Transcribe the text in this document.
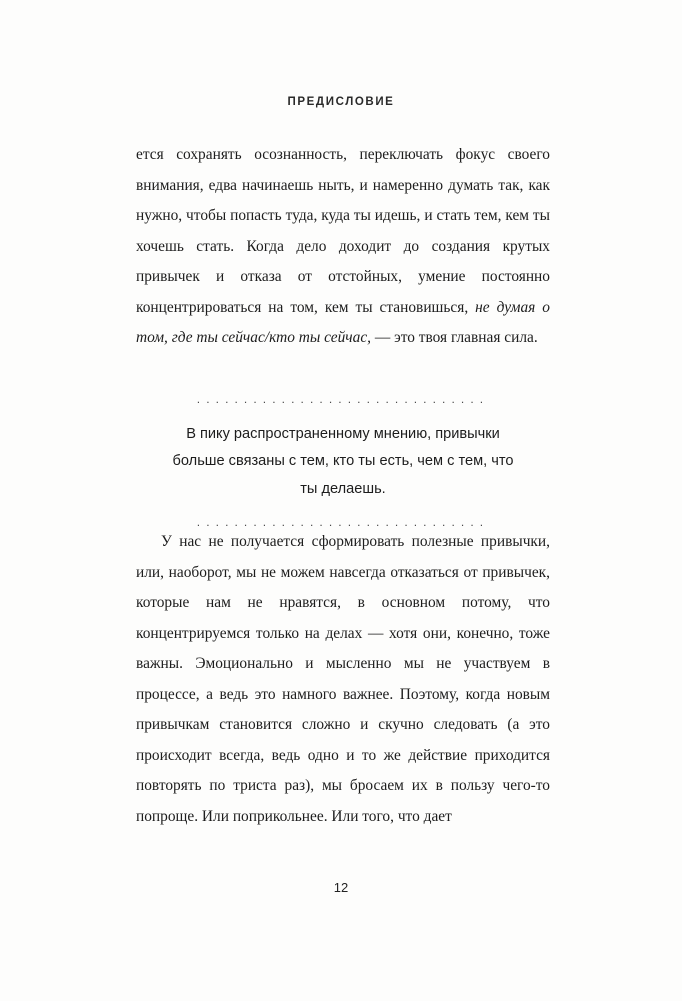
ПРЕДИСЛОВИЕ

ется сохранять осознанность, переключать фокус своего внимания, едва начинаешь ныть, и намеренно думать так, как нужно, чтобы попасть туда, куда ты идешь, и стать тем, кем ты хочешь стать. Когда дело доходит до создания крутых привычек и отказа от отстойных, умение постоянно концентрироваться на том, кем ты становишься, не думая о том, где ты сейчас/кто ты сейчас, — это твоя главная сила.

...............................
В пику распространенному мнению, привычки больше связаны с тем, кто ты есть, чем с тем, что ты делаешь.
...............................

У нас не получается сформировать полезные привычки, или, наоборот, мы не можем навсегда отказаться от привычек, которые нам не нравятся, в основном потому, что концентрируемся только на делах — хотя они, конечно, тоже важны. Эмоционально и мысленно мы не участвуем в процессе, а ведь это намного важнее. Поэтому, когда новым привычкам становится сложно и скучно следовать (а это происходит всегда, ведь одно и то же действие приходится повторять по триста раз), мы бросаем их в пользу чего-то попроще. Или поприкольнее. Или того, что дает

12
